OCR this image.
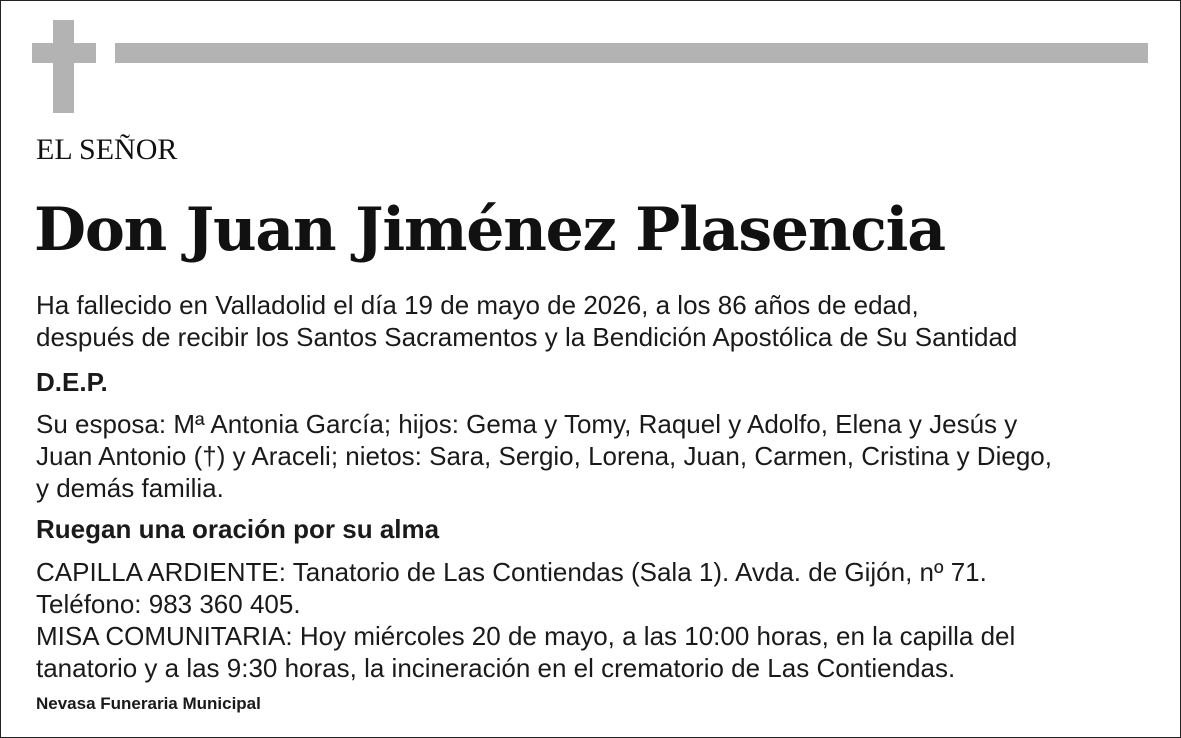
EL SEÑOR
Don Juan Jiménez Plasencia
Ha fallecido en Valladolid el día 19 de mayo de 2026, a los 86 años de edad,
después de recibir los Santos Sacramentos y la Bendición Apostólica de Su Santidad
D.E.P.
Su esposa: Mª Antonia García; hijos: Gema y Tomy, Raquel y Adolfo, Elena y Jesús y
Juan Antonio (†) y Araceli; nietos: Sara, Sergio, Lorena, Juan, Carmen, Cristina y Diego,
y demás familia.
Ruegan una oración por su alma
CAPILLA ARDIENTE: Tanatorio de Las Contiendas (Sala 1). Avda. de Gijón, nº 71.
Teléfono: 983 360 405.
MISA COMUNITARIA: Hoy miércoles 20 de mayo, a las 10:00 horas, en la capilla del
tanatorio y a las 9:30 horas, la incineración en el crematorio de Las Contiendas.
Nevasa Funeraria Municipal
